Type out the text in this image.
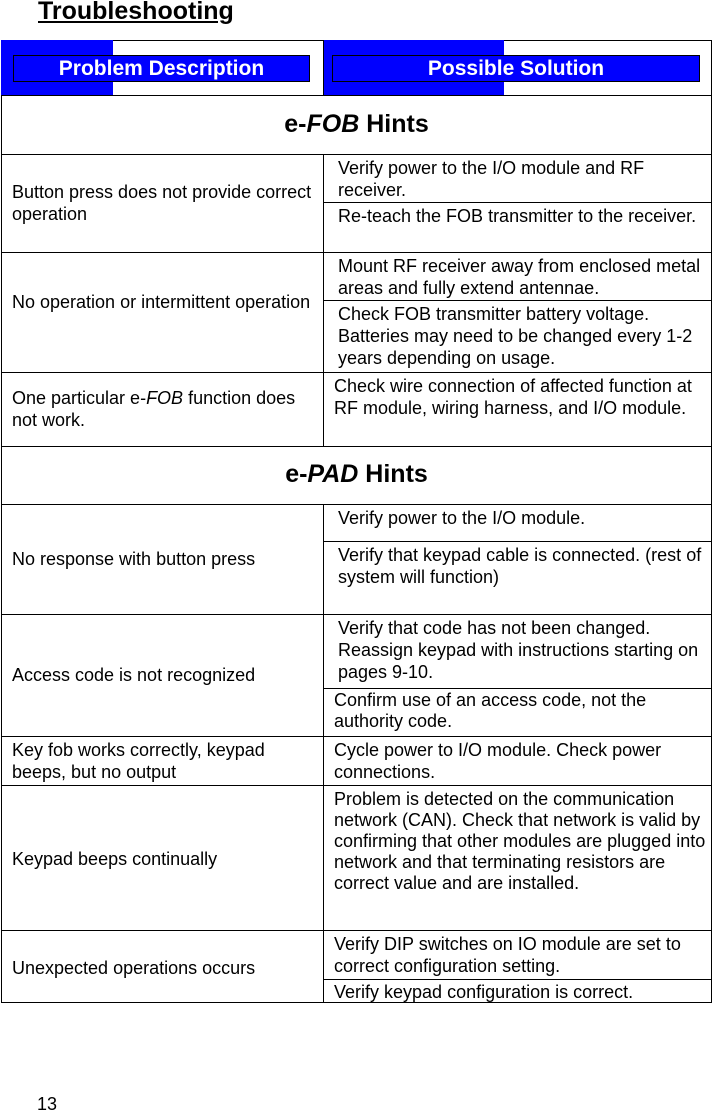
Troubleshooting
Problem Description	Possible Solution
e-FOB Hints
Button press does not provide correct operation
Verify power to the I/O module and RF receiver.
Re-teach the FOB transmitter to the receiver.
No operation or intermittent operation
Mount RF receiver away from enclosed metal areas and fully extend antennae.
Check FOB transmitter battery voltage. Batteries may need to be changed every 1-2 years depending on usage.
One particular e-FOB function does not work.
Check wire connection of affected function at RF module, wiring harness, and I/O module.
e-PAD Hints
No response with button press
Verify power to the I/O module.
Verify that keypad cable is connected. (rest of system will function)
Access code is not recognized
Verify that code has not been changed. Reassign keypad with instructions starting on pages 9-10.
Confirm use of an access code, not the authority code.
Key fob works correctly, keypad beeps, but no output
Cycle power to I/O module. Check power connections.
Keypad beeps continually
Problem is detected on the communication network (CAN). Check that network is valid by confirming that other modules are plugged into network and that terminating resistors are correct value and are installed.
Unexpected operations occurs
Verify DIP switches on IO module are set to correct configuration setting.
Verify keypad configuration is correct.
13
